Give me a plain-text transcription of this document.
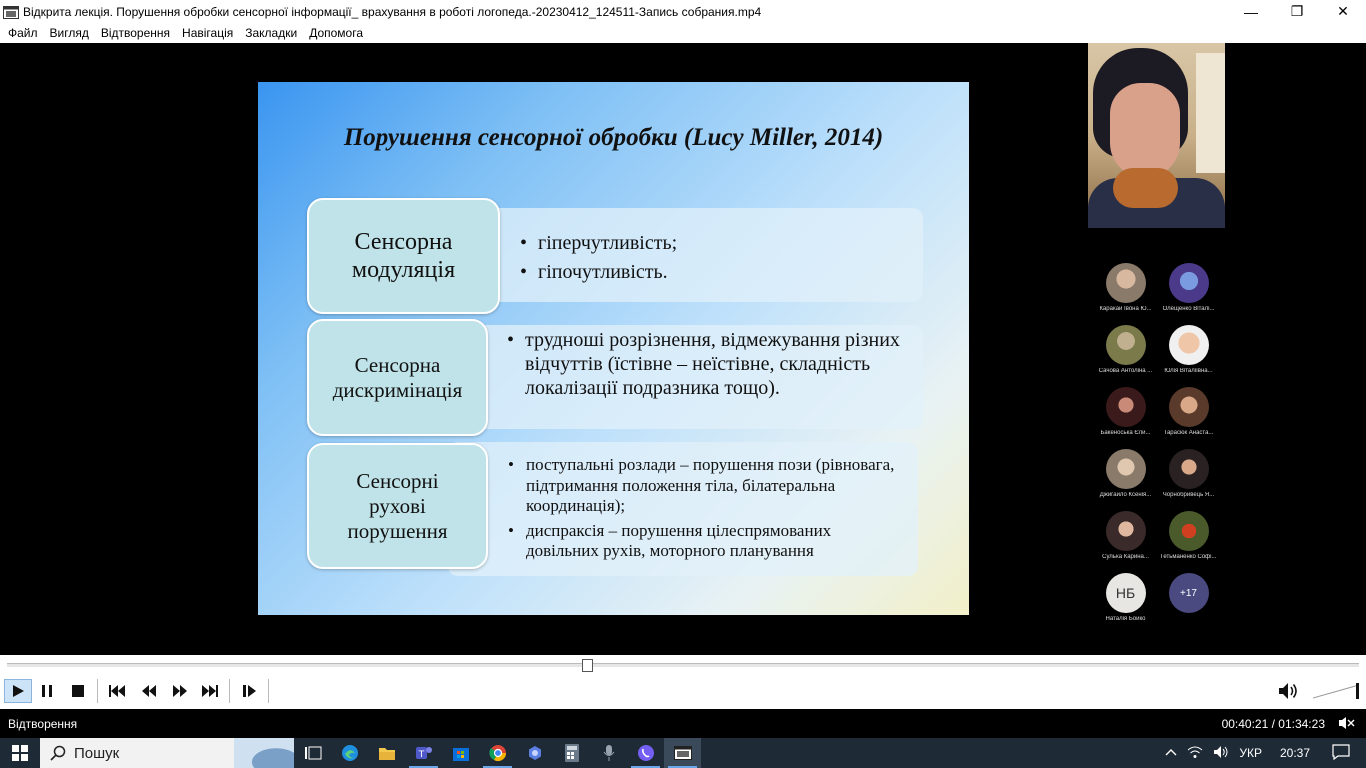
Відкрита лекція. Порушення обробки сенсорної інформації_ врахування в роботі логопеда.-20230412_124511-Запись собрания.mp4	—	❐	✕
Файл	Вигляд	Відтворення	Навігація	Закладки	Допомога
Порушення сенсорної обробки (Lucy Miller, 2014)
Сенсорна модуляція
• гіперчутливість;
• гіпочутливість.
Сенсорна дискримінація
• трудноші розрізнення, відмежування різних відчуттів (їстівне – неїстівне, складність локалізації подразника тощо).
Сенсорні рухові порушення
• поступальні розлади – порушення пози (рівновага, підтримання положення тіла, білатеральна координація);
• диспраксія – порушення цілеспрямованих довільних рухів, моторного планування
Каракай Івона Ю...	Олещенко Віталі...
Сачова Антоліна ...	Юлія Віталіївна...
Бакеноська Єли...	Тарасюк Анаста...
Джигайло Ксенія...	Чорнобривець Я...
Сулька Карина...	Гетьманенко Софі...
НБ
Наталія Бойко
+17
Відтворення	00:40:21 / 01:34:23
Пошук	T	УКР 20:37
